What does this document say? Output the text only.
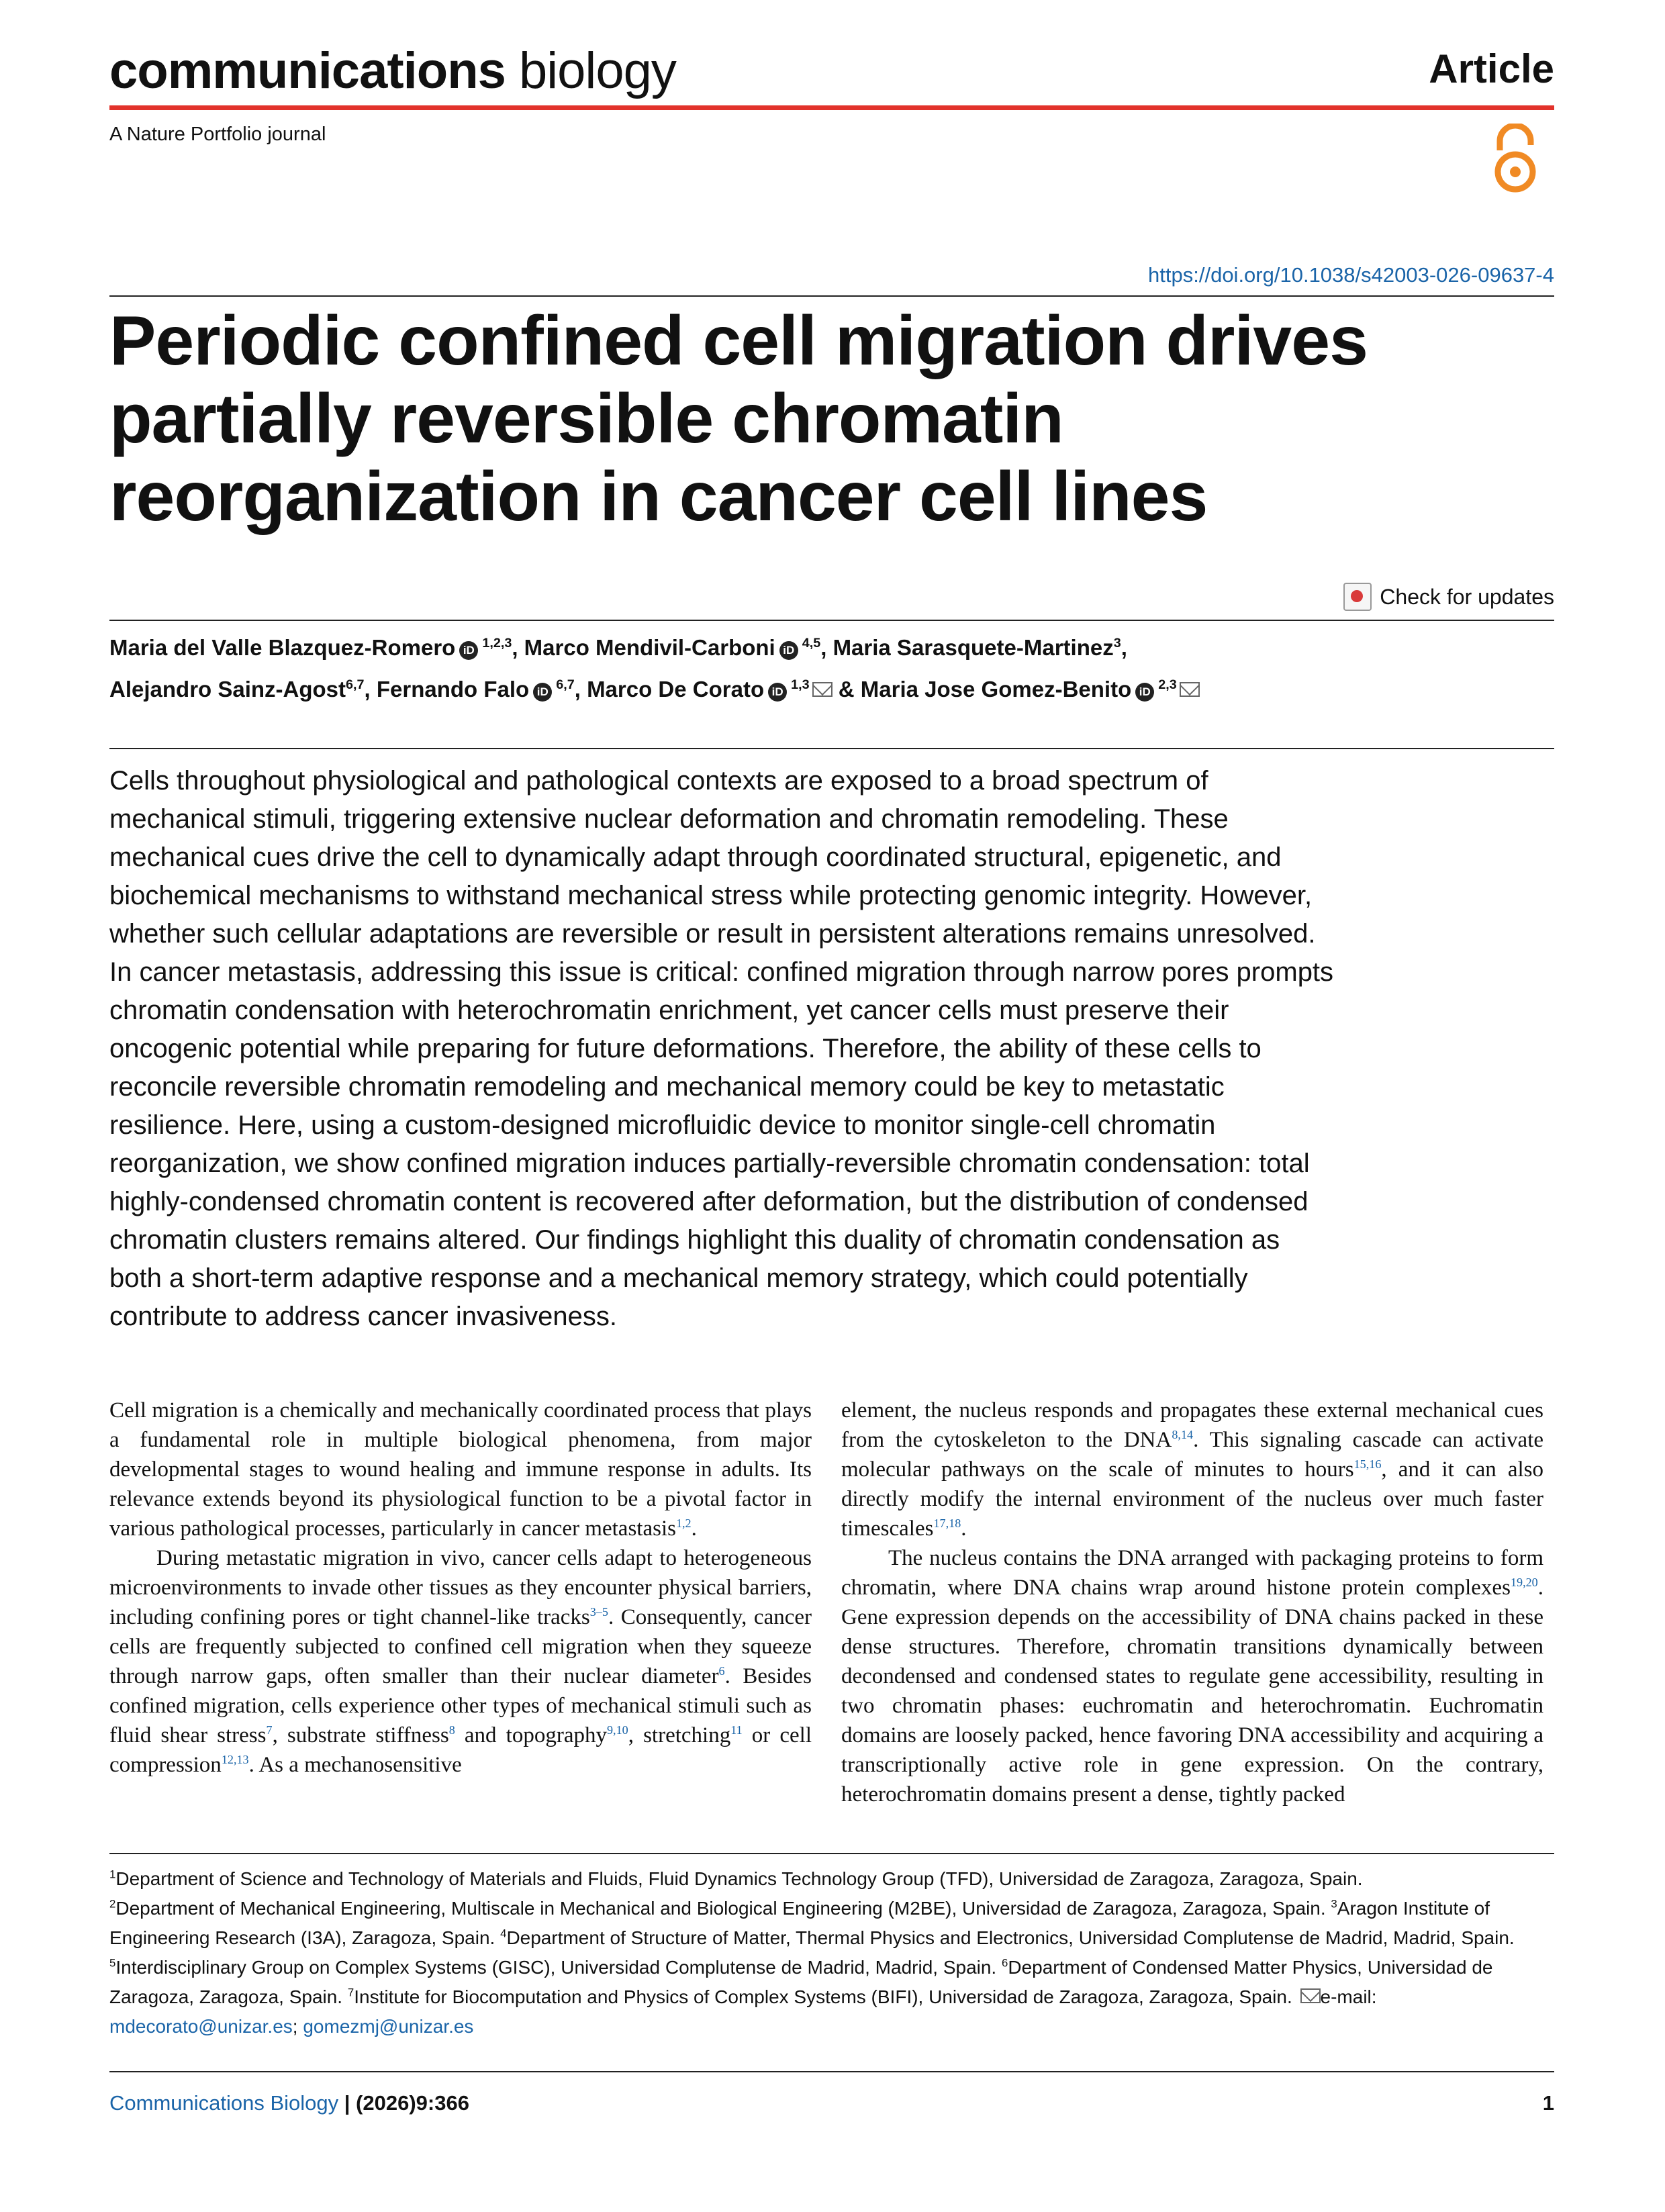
communications biology	Article
A Nature Portfolio journal
https://doi.org/10.1038/s42003-026-09637-4
Periodic confined cell migration drives partially reversible chromatin reorganization in cancer cell lines
Check for updates
Maria del Valle Blazquez-Romero iD $^{1,2,3}$, Marco Mendivil-Carboni iD $^{4,5}$, Maria Sarasquete-Martinez$^3$,
Alejandro Sainz-Agost$^{6,7}$, Fernando Falo iD $^{6,7}$, Marco De Corato iD $^{1,3}$ & Maria Jose Gomez-Benito iD $^{2,3}$
Cells throughout physiological and pathological contexts are exposed to a broad spectrum of mechanical stimuli, triggering extensive nuclear deformation and chromatin remodeling. These mechanical cues drive the cell to dynamically adapt through coordinated structural, epigenetic, and biochemical mechanisms to withstand mechanical stress while protecting genomic integrity. However, whether such cellular adaptations are reversible or result in persistent alterations remains unresolved. In cancer metastasis, addressing this issue is critical: confined migration through narrow pores prompts chromatin condensation with heterochromatin enrichment, yet cancer cells must preserve their oncogenic potential while preparing for future deformations. Therefore, the ability of these cells to reconcile reversible chromatin remodeling and mechanical memory could be key to metastatic resilience. Here, using a custom-designed microfluidic device to monitor single-cell chromatin reorganization, we show confined migration induces partially-reversible chromatin condensation: total highly-condensed chromatin content is recovered after deformation, but the distribution of condensed chromatin clusters remains altered. Our findings highlight this duality of chromatin condensation as both a short-term adaptive response and a mechanical memory strategy, which could potentially contribute to address cancer invasiveness.

Cell migration is a chemically and mechanically coordinated process that plays a fundamental role in multiple biological phenomena, from major developmental stages to wound healing and immune response in adults. Its relevance extends beyond its physiological function to be a pivotal factor in various pathological processes, particularly in cancer metastasis$^{1,2}$.

During metastatic migration in vivo, cancer cells adapt to heterogeneous microenvironments to invade other tissues as they encounter physical barriers, including confining pores or tight channel-like tracks$^{3-5}$. Consequently, cancer cells are frequently subjected to confined cell migration when they squeeze through narrow gaps, often smaller than their nuclear diameter$^6$. Besides confined migration, cells experience other types of mechanical stimuli such as fluid shear stress$^7$, substrate stiffness$^8$ and topography$^{9,10}$, stretching$^{11}$ or cell compression$^{12,13}$. As a mechanosensitive

element, the nucleus responds and propagates these external mechanical cues from the cytoskeleton to the DNA$^{8,14}$. This signaling cascade can activate molecular pathways on the scale of minutes to hours$^{15,16}$, and it can also directly modify the internal environment of the nucleus over much faster timescales$^{17,18}$.

The nucleus contains the DNA arranged with packaging proteins to form chromatin, where DNA chains wrap around histone protein complexes$^{19,20}$. Gene expression depends on the accessibility of DNA chains packed in these dense structures. Therefore, chromatin transitions dynamically between decondensed and condensed states to regulate gene accessibility, resulting in two chromatin phases: euchromatin and heterochromatin. Euchromatin domains are loosely packed, hence favoring DNA accessibility and acquiring a transcriptionally active role in gene expression. On the contrary, heterochromatin domains present a dense, tightly packed

$^1$Department of Science and Technology of Materials and Fluids, Fluid Dynamics Technology Group (TFD), Universidad de Zaragoza, Zaragoza, Spain.
$^2$Department of Mechanical Engineering, Multiscale in Mechanical and Biological Engineering (M2BE), Universidad de Zaragoza, Zaragoza, Spain. $^3$Aragon Institute of Engineering Research (I3A), Zaragoza, Spain. $^4$Department of Structure of Matter, Thermal Physics and Electronics, Universidad Complutense de Madrid, Madrid, Spain. $^5$Interdisciplinary Group on Complex Systems (GISC), Universidad Complutense de Madrid, Madrid, Spain. $^6$Department of Condensed Matter Physics, Universidad de Zaragoza, Zaragoza, Spain. $^7$Institute for Biocomputation and Physics of Complex Systems (BIFI), Universidad de Zaragoza, Zaragoza, Spain. e-mail: mdecorato@unizar.es; gomezmj@unizar.es
Communications Biology | (2026)9:366	1
